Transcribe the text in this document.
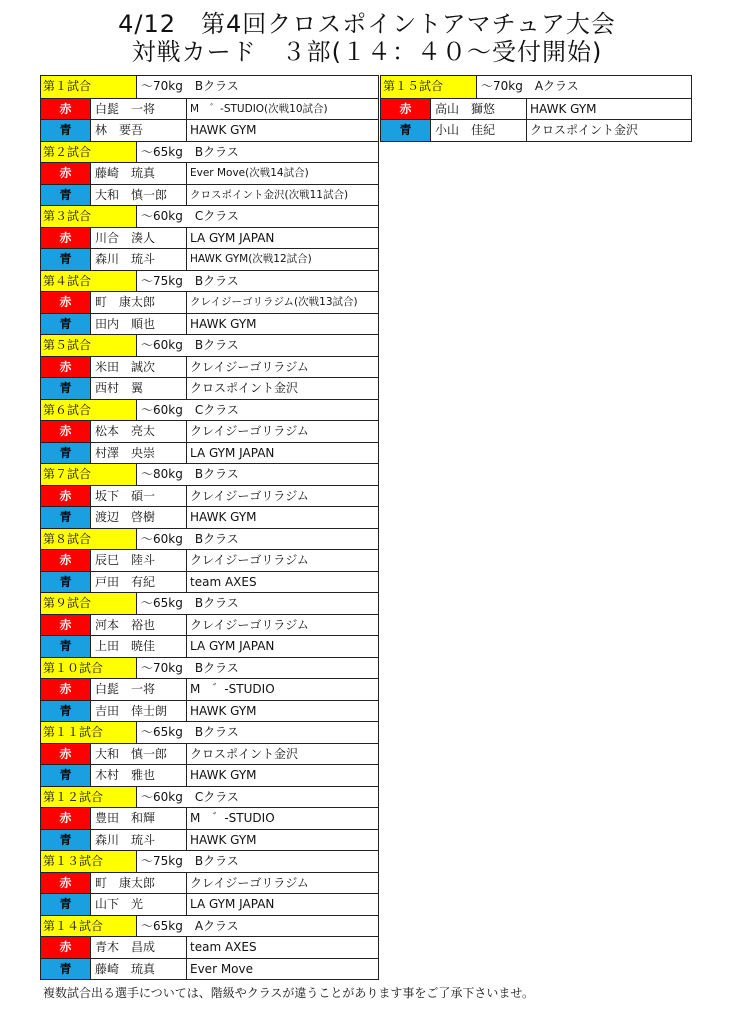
4/12　第4回クロスポイントアマチュア大会
対戦カード　３部(１４：４０～受付開始)
第１試合	～70kg　Bクラス
赤	白髭　一将	M　゛-STUDIO(次戦10試合)
青	林　要吾	HAWK GYM
第２試合	～65kg　Bクラス
赤	藤崎　琉真	Ever Move(次戦14試合)
青	大和　慎一郎	クロスポイント金沢(次戦11試合)
第３試合	～60kg　Cクラス
赤	川合　湊人	LA GYM JAPAN
青	森川　琉斗	HAWK GYM(次戦12試合)
第４試合	～75kg　Bクラス
赤	町　康太郎	クレイジーゴリラジム(次戦13試合)
青	田内　順也	HAWK GYM
第５試合	～60kg　Bクラス
赤	米田　誠次	クレイジーゴリラジム
青	西村　翼	クロスポイント金沢
第６試合	～60kg　Cクラス
赤	松本　亮太	クレイジーゴリラジム
青	村澤　央崇	LA GYM JAPAN
第７試合	～80kg　Bクラス
赤	坂下　碩一	クレイジーゴリラジム
青	渡辺　啓樹	HAWK GYM
第８試合	～60kg　Bクラス
赤	辰巳　陸斗	クレイジーゴリラジム
青	戸田　有紀	team AXES
第９試合	～65kg　Bクラス
赤	河本　裕也	クレイジーゴリラジム
青	上田　暁佳	LA GYM JAPAN
第１０試合	～70kg　Bクラス
赤	白髭　一将	M　゛-STUDIO
青	吉田　倖士朗	HAWK GYM
第１１試合	～65kg　Bクラス
赤	大和　慎一郎	クロスポイント金沢
青	木村　雅也	HAWK GYM
第１２試合	～60kg　Cクラス
赤	豊田　和輝	M　゛-STUDIO
青	森川　琉斗	HAWK GYM
第１３試合	～75kg　Bクラス
赤	町　康太郎	クレイジーゴリラジム
青	山下　光	LA GYM JAPAN
第１４試合	～65kg　Aクラス
赤	青木　昌成	team AXES
青	藤崎　琉真	Ever Move
第１５試合	～70kg　Aクラス
赤	高山　獅悠	HAWK GYM
青	小山　佳紀	クロスポイント金沢
複数試合出る選手については、階級やクラスが違うことがあります事をご了承下さいませ。
